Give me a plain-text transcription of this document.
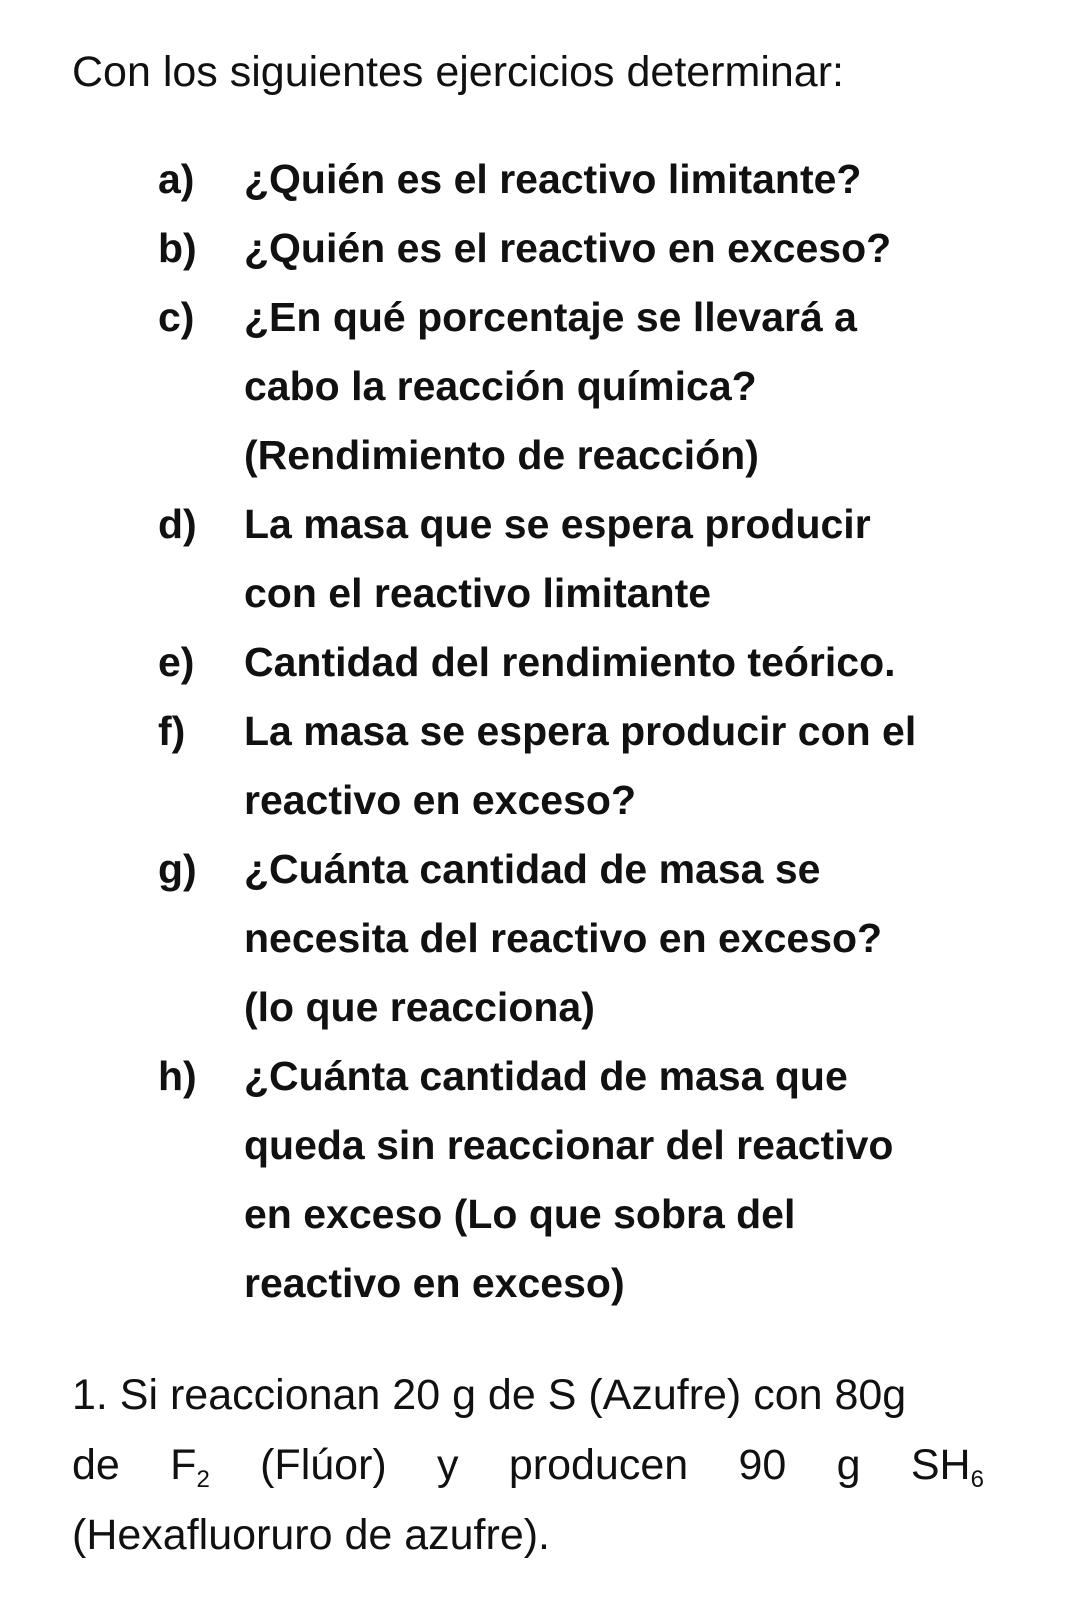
Con los siguientes ejercicios determinar:

a)	¿Quién es el reactivo limitante?
b)	¿Quién es el reactivo en exceso?
c)	¿En qué porcentaje se llevará a
cabo la reacción química?
(Rendimiento de reacción)
d)	La masa que se espera producir
con el reactivo limitante
e)	Cantidad del rendimiento teórico.
f)	La masa se espera producir con el
reactivo en exceso?
g)	¿Cuánta cantidad de masa se
necesita del reactivo en exceso?
(lo que reacciona)
h)	¿Cuánta cantidad de masa que
queda sin reaccionar del reactivo
en exceso (Lo que sobra del
reactivo en exceso)
1. Si reaccionan 20 g de S (Azufre) con 80g
de $F_2$ (Flúor) y producen 90 g $SH_6$
(Hexafluoruro de azufre).
